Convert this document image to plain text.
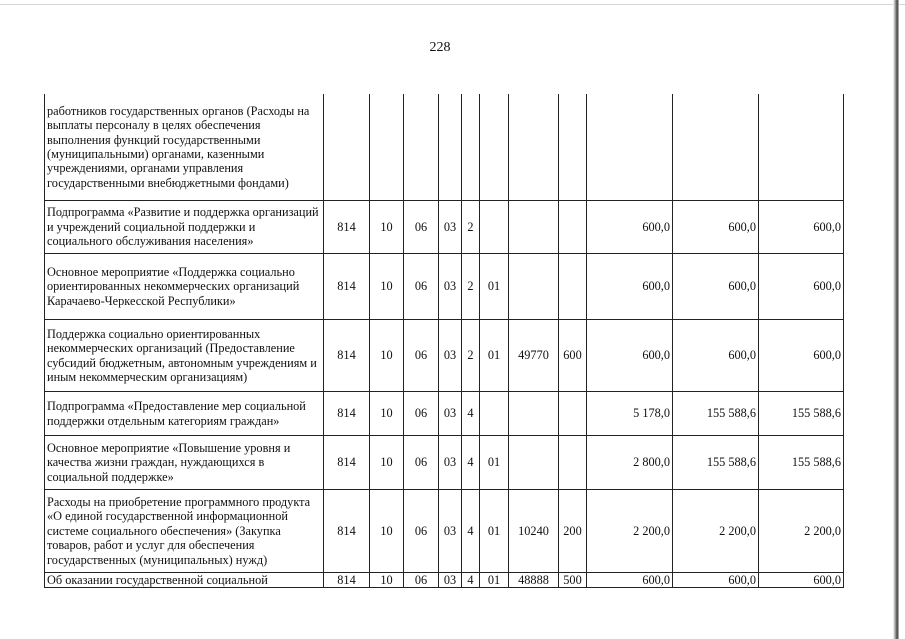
228
работников государственных органов (Расходы на выплаты персоналу в целях обеспечения выполнения функций государственными (муниципальными) органами, казенными учреждениями, органами управления государственными внебюджетными фондами)											
Подпрограмма «Развитие и поддержка организаций и учреждений социальной поддержки и социального обслуживания населения»	814	10	06	03	2				600,0	600,0	600,0
Основное мероприятие «Поддержка социально ориентированных некоммерческих организаций Карачаево-Черкесской Республики»	814	10	06	03	2	01			600,0	600,0	600,0
Поддержка социально ориентированных некоммерческих организаций (Предоставление субсидий бюджетным, автономным учреждениям и иным некоммерческим организациям)	814	10	06	03	2	01	49770	600	600,0	600,0	600,0
Подпрограмма «Предоставление мер социальной поддержки отдельным категориям граждан»	814	10	06	03	4				5 178,0	155 588,6	155 588,6
Основное мероприятие «Повышение уровня и качества жизни граждан, нуждающихся в социальной поддержке»	814	10	06	03	4	01			2 800,0	155 588,6	155 588,6
Расходы на приобретение программного продукта «О единой государственной информационной системе социального обеспечения» (Закупка товаров, работ и услуг для обеспечения государственных (муниципальных) нужд)	814	10	06	03	4	01	10240	200	2 200,0	2 200,0	2 200,0
Об оказании государственной социальной	814	10	06	03	4	01	48888	500	600,0	600,0	600,0
